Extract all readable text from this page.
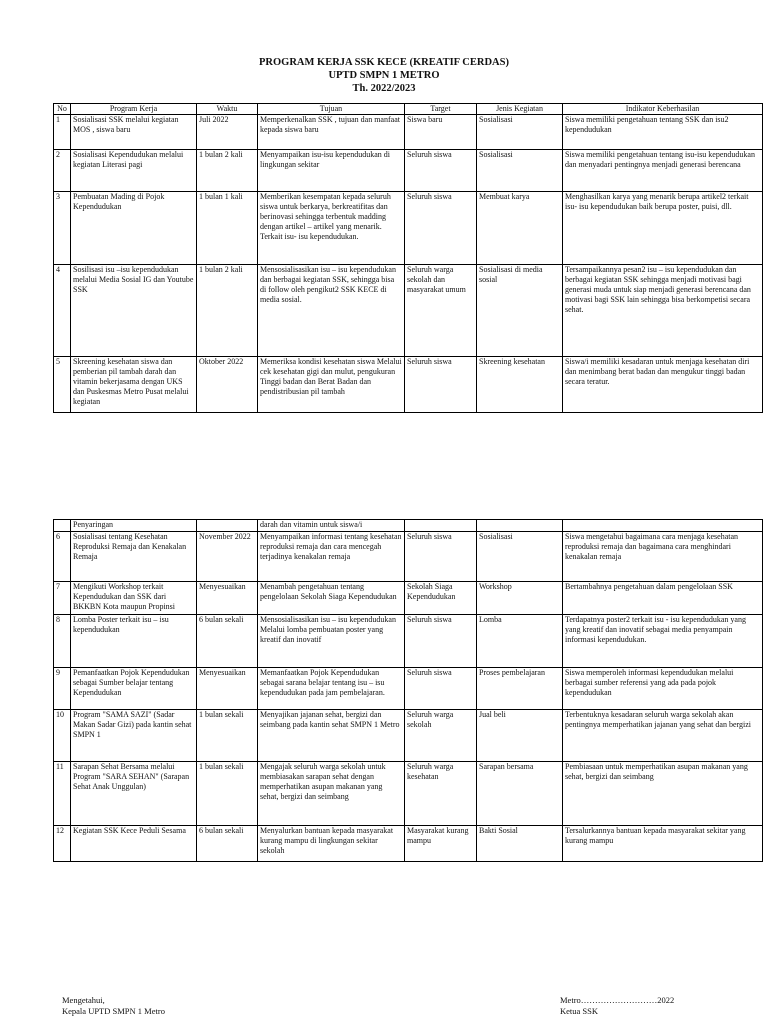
PROGRAM KERJA SSK KECE (KREATIF CERDAS)
UPTD SMPN 1 METRO
Th. 2022/2023
No	Program Kerja	Waktu	Tujuan	Target	Jenis Kegiatan	Indikator Keberhasilan
1	Sosialisasi SSK melalui kegiatan MOS , siswa baru	Juli 2022	Memperkenalkan SSK , tujuan dan manfaat kepada siswa baru	Siswa baru	Sosialisasi	Siswa memiliki pengetahuan tentang SSK dan isu2 kependudukan
2	Sosialisasi Kependudukan melalui kegiatan Literasi pagi	1 bulan 2 kali	Menyampaikan isu-isu kependudukan di lingkungan sekitar	Seluruh siswa	Sosialisasi	Siswa memiliki pengetahuan tentang isu-isu kependudukan dan menyadari pentingnya menjadi generasi berencana
3	Pembuatan Mading di Pojok Kependudukan	1 bulan 1 kali	Memberikan kesempatan kepada seluruh siswa untuk berkarya, berkreatifitas dan berinovasi sehingga terbentuk madding dengan artikel – artikel yang menarik. Terkait isu- isu kependudukan.	Seluruh siswa	Membuat karya	Menghasilkan karya yang menarik berupa artikel2 terkait isu- isu kependudukan baik berupa poster, puisi, dll.
4	Sosilisasi isu –isu kependudukan melalui Media Sosial IG dan Youtube SSK	1 bulan 2 kali	Mensosialisasikan isu – isu kependudukan dan berbagai kegiatan SSK, sehingga bisa di follow oleh pengikut2 SSK KECE di media sosial.	Seluruh warga sekolah dan masyarakat umum	Sosialisasi di media sosial	Tersampaikannya pesan2 isu – isu kependudukan dan berbagai kegiatan SSK sehingga menjadi motivasi bagi generasi muda untuk siap menjadi generasi berencana dan motivasi bagi SSK lain sehingga bisa berkompetisi secara sehat.
5	Skreening kesehatan siswa dan pemberian pil tambah darah dan vitamin bekerjasama dengan UKS dan Puskesmas Metro Pusat melalui kegiatan	Oktober 2022	Memeriksa kondisi kesehatan siswa Melalui cek kesehatan gigi dan mulut, pengukuran Tinggi badan dan Berat Badan dan pendistribusian pil tambah	Seluruh siswa	Skreening kesehatan	Siswa/i memiliki kesadaran untuk menjaga kesehatan diri dan menimbang berat badan dan mengukur tinggi badan secara teratur.
	Penyaringan		darah dan vitamin untuk siswa/i			
6	Sosialisasi tentang Kesehatan Reproduksi Remaja dan Kenakalan Remaja	November 2022	Menyampaikan informasi tentang kesehatan reproduksi remaja dan cara mencegah terjadinya kenakalan remaja	Seluruh siswa	Sosialisasi	Siswa mengetahui bagaimana cara menjaga kesehatan reproduksi remaja dan bagaimana cara menghindari kenakalan remaja
7	Mengikuti Workshop terkait Kependudukan dan SSK dari BKKBN Kota maupun Propinsi	Menyesuaikan	Menambah pengetahuan tentang pengelolaan Sekolah Siaga Kependudukan	Sekolah Siaga Kependudukan	Workshop	Bertambahnya pengetahuan dalam pengelolaan SSK
8	Lomba Poster terkait isu – isu kependudukan	6 bulan sekali	Mensosialisasikan isu – isu kependudukan Melalui lomba pembuatan poster yang kreatif dan inovatif	Seluruh siswa	Lomba	Terdapatnya poster2 terkait isu - isu kependudukan yang yang kreatif dan inovatif sebagai media penyampain informasi kependudukan.
9	Pemanfaatkan Pojok Kependudukan sebagai Sumber belajar tentang Kependudukan	Menyesuaikan	Memanfaatkan Pojok Kependudukan sebagai sarana belajar tentang isu – isu kependudukan pada jam pembelajaran.	Seluruh siswa	Proses pembelajaran	Siswa memperoleh informasi kependudukan melalui berbagai sumber referensi yang ada pada pojok kependudukan
10	Program "SAMA SAZI" (Sadar Makan Sadar Gizi) pada kantin sehat SMPN 1	1 bulan sekali	Menyajikan jajanan sehat, bergizi dan seimbang pada kantin sehat SMPN 1 Metro	Seluruh warga sekolah	Jual beli	Terbentuknya kesadaran seluruh warga sekolah akan pentingnya memperhatikan jajanan yang sehat dan bergizi
11	Sarapan Sehat Bersama melalui Program "SARA SEHAN" (Sarapan Sehat Anak Unggulan)	1 bulan sekali	Mengajak seluruh warga sekolah untuk membiasakan sarapan sehat dengan memperhatikan asupan makanan yang sehat, bergizi dan seimbang	Seluruh warga kesehatan	Sarapan bersama	Pembiasaan untuk memperhatikan asupan makanan yang sehat, bergizi dan seimbang
12	Kegiatan SSK Kece Peduli Sesama	6 bulan sekali	Menyalurkan bantuan kepada masyarakat kurang mampu di lingkungan sekitar sekolah	Masyarakat kurang mampu	Bakti Sosial	Tersalurkannya bantuan kepada masyarakat sekitar yang kurang mampu
Mengetahui,
Kepala UPTD SMPN 1 Metro
Metro………………………2022
Ketua SSK
